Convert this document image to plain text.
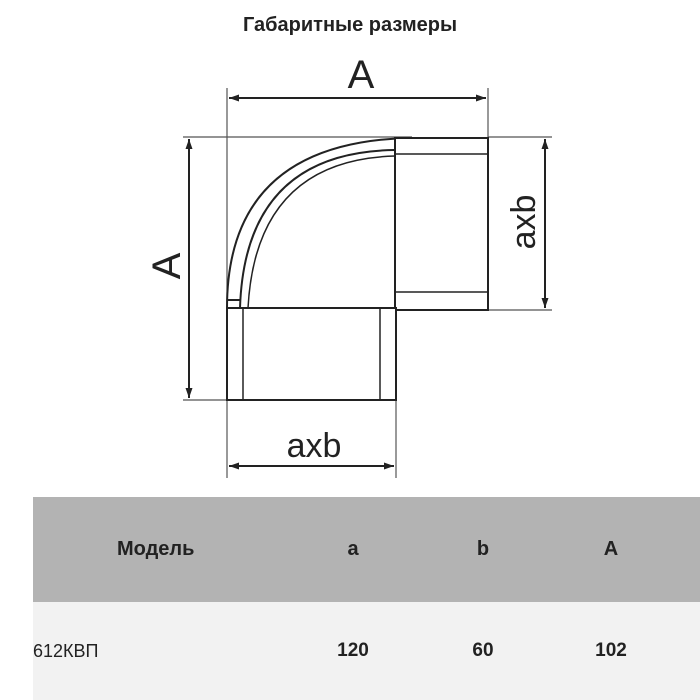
Габаритные размеры
A
A
axb
axb
Модель	a	b	A
612КВП	120	60	102
